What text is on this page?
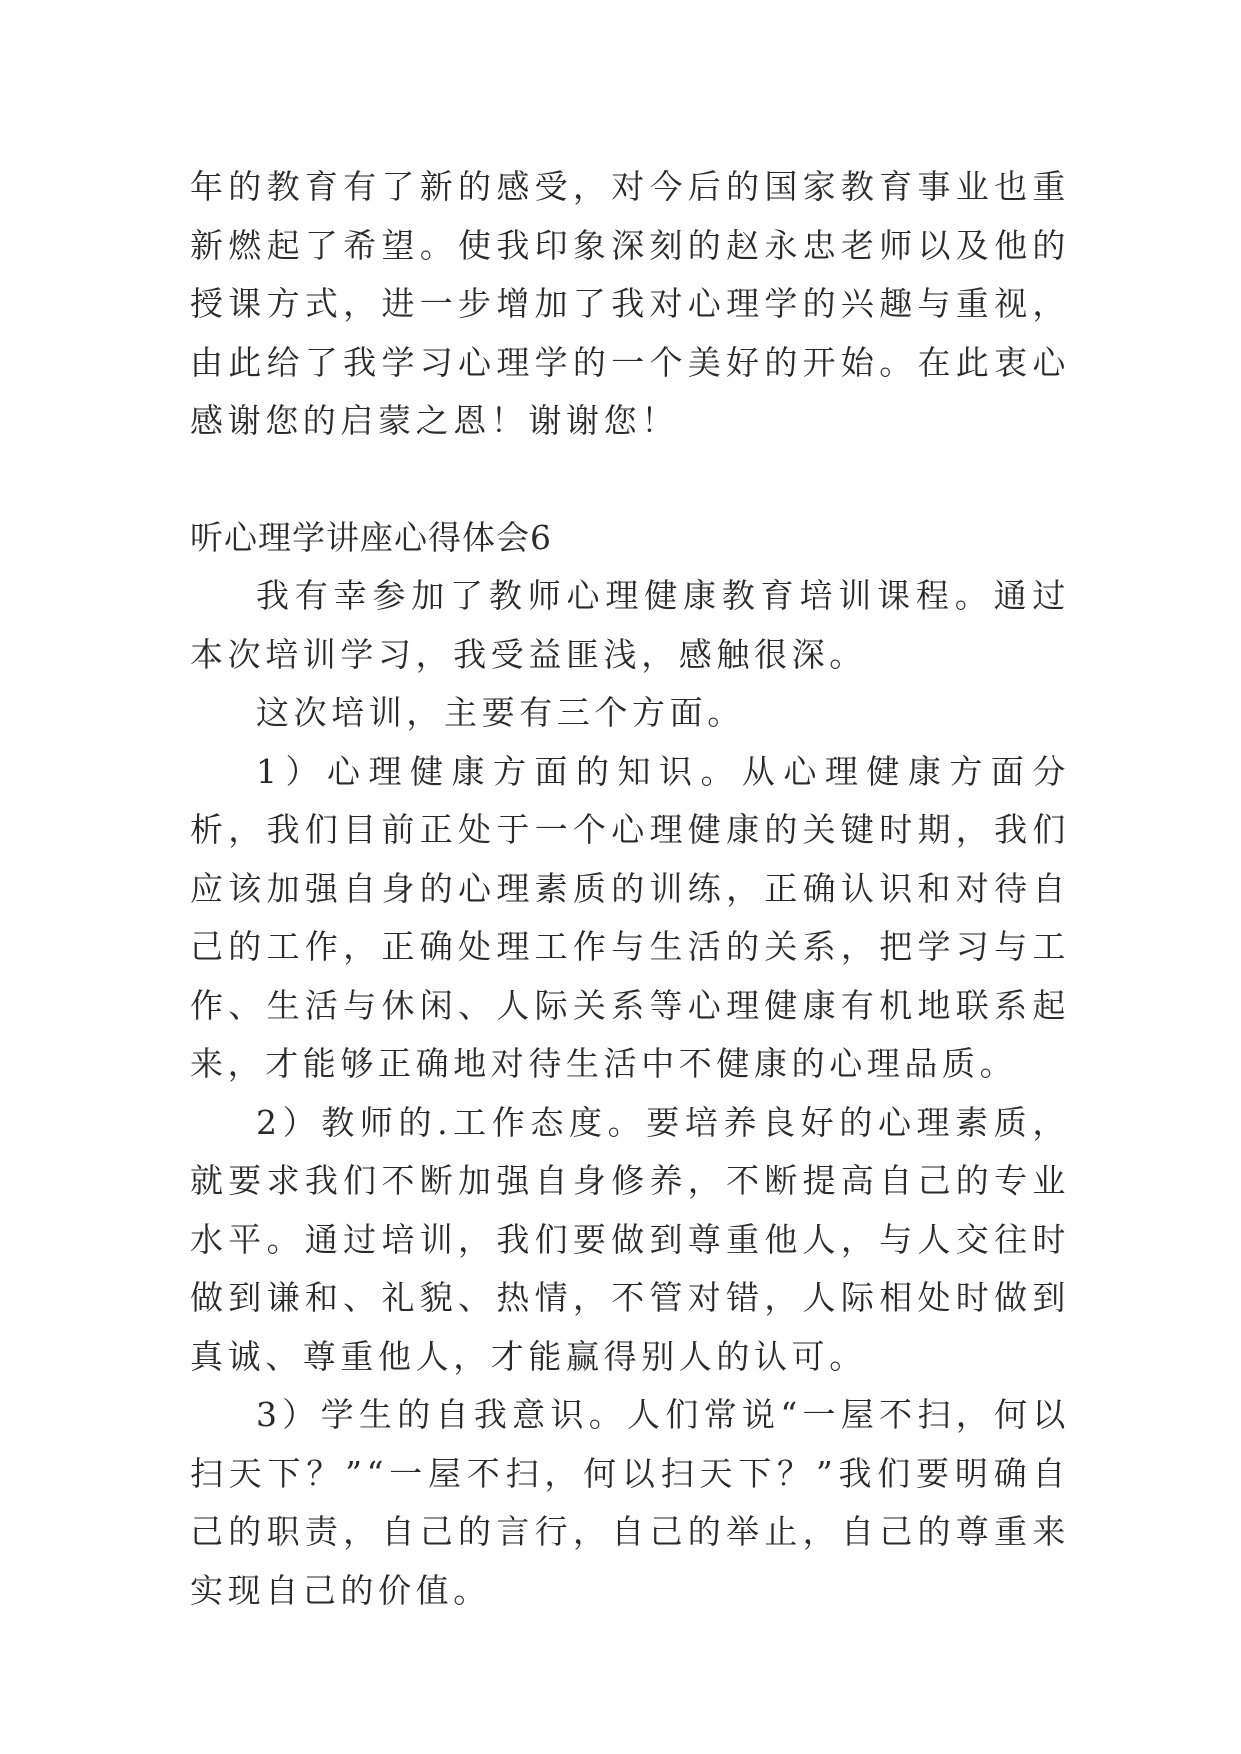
年的教育有了新的感受，对今后的国家教育事业也重新燃起了希望。使我印象深刻的赵永忠老师以及他的授课方式，进一步增加了我对心理学的兴趣与重视，由此给了我学习心理学的一个美好的开始。在此衷心感谢您的启蒙之恩！谢谢您！

听心理学讲座心得体会6

我有幸参加了教师心理健康教育培训课程。通过本次培训学习，我受益匪浅，感触很深。

这次培训，主要有三个方面。

1）心理健康方面的知识。从心理健康方面分析，我们目前正处于一个心理健康的关键时期，我们应该加强自身的心理素质的训练，正确认识和对待自己的工作，正确处理工作与生活的关系，把学习与工作、生活与休闲、人际关系等心理健康有机地联系起来，才能够正确地对待生活中不健康的心理品质。

2）教师的.工作态度。要培养良好的心理素质，就要求我们不断加强自身修养，不断提高自己的专业水平。通过培训，我们要做到尊重他人，与人交往时做到谦和、礼貌、热情，不管对错，人际相处时做到真诚、尊重他人，才能赢得别人的认可。

3）学生的自我意识。人们常说“一屋不扫，何以扫天下？”“一屋不扫，何以扫天下？”我们要明确自己的职责，自己的言行，自己的举止，自己的尊重来实现自己的价值。
